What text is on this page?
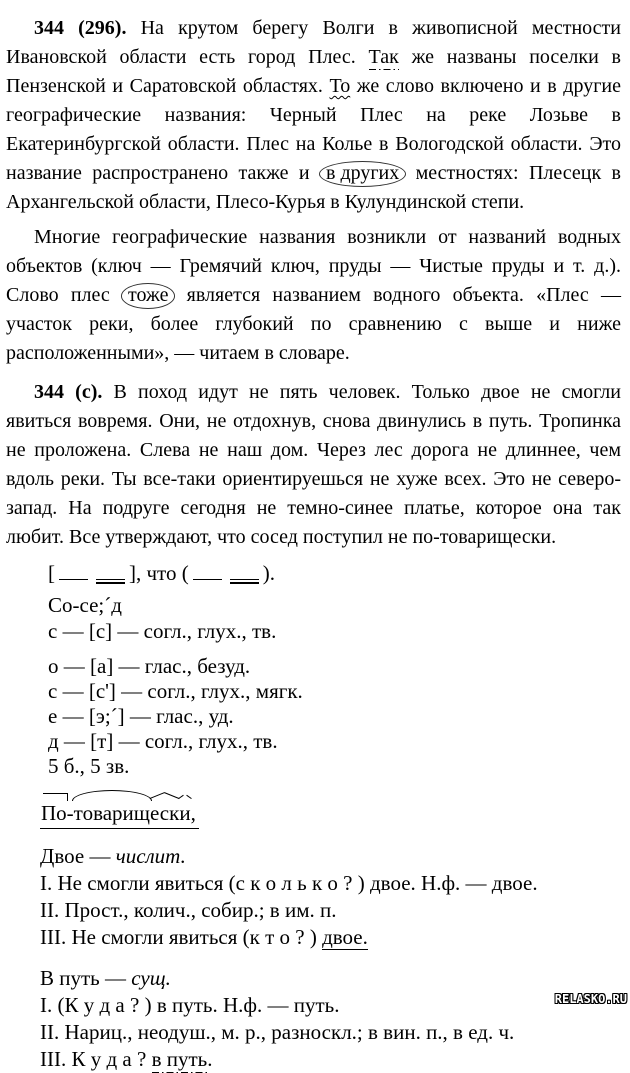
344 (296). На крутом берегу Волги в живописной местности Ивановской области есть город Плес. Так же названы поселки в Пензенской и Саратовской областях. То же слово включено и в другие географические названия: Черный Плес на реке Лозьве в Екатеринбургской области. Плес на Колье в Вологодской области. Это название распространено также и в других местностях: Плесецк в Архангельской области, Плесо-Курья в Кулундинской степи.

Многие географические названия возникли от названий водных объектов (ключ — Гремячий ключ, пруды — Чистые пруды и т. д.). Слово плес тоже является названием водного объекта. «Плес — участок реки, более глубокий по сравнению с выше и ниже расположенными», — читаем в словаре.

344 (с). В поход идут не пять человек. Только двое не смогли явиться вовремя. Они, не отдохнув, снова двинулись в путь. Тропинка не проложена. Слева не наш дом. Через лес дорога не длиннее, чем вдоль реки. Ты все-таки ориентируешься не хуже всех. Это не северо-запад. На подруге сегодня не темно-синее платье, которое она так любит. Все утверждают, что сосед поступил не по-товарищески.

[	], что (	).
Со-се;´д
с — [с] — согл., глух., тв.
о — [а] — глас., безуд.
с — [с'] — согл., глух., мягк.
е — [э;´] — глас., уд.
д — [т] — согл., глух., тв.
5 б., 5 зв.
По-товарищески,
Двое — числит.
I. Не смогли явиться (с к о л ь к о ? ) двое. Н.ф. — двое.
II. Прост., колич., собир.; в им. п.
III. Не смогли явиться (к т о ? ) двое.
В путь — сущ.
I. (К у д а ? ) в путь. Н.ф. — путь.
II. Нариц., неодуш., м. р., разноскл.; в вин. п., в ед. ч.
III. К у д а ? в путь.
RELASKO.RU
